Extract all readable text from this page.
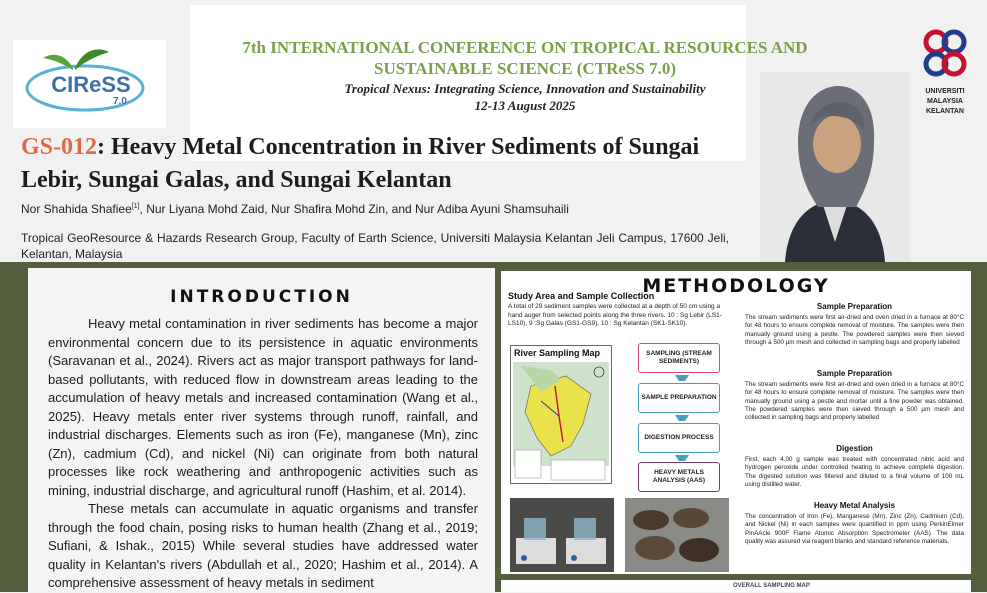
CIReSS
7.0
7th INTERNATIONAL CONFERENCE ON TROPICAL RESOURCES AND
SUSTAINABLE SCIENCE (CTReSS 7.0)
Tropical Nexus: Integrating Science, Innovation and Sustainability
12-13 August 2025
UNIVERSITI
MALAYSIA
KELANTAN
GS-012: Heavy Metal Concentration in River Sediments of Sungai Lebir, Sungai Galas, and Sungai Kelantan
Nor Shahida Shafiee[1], Nur Liyana Mohd Zaid, Nur Shafira Mohd Zin, and Nur Adiba Ayuni Shamsuhaili
Tropical GeoResource & Hazards Research Group, Faculty of Earth Science, Universiti Malaysia Kelantan Jeli Campus, 17600 Jeli, Kelantan, Malaysia
INTRODUCTION

Heavy metal contamination in river sediments has become a major environmental concern due to its persistence in aquatic environments (Saravanan et al., 2024). Rivers act as major transport pathways for land-based pollutants, with reduced flow in downstream areas leading to the accumulation of heavy metals and increased contamination (Wang et al., 2025). Heavy metals enter river systems through runoff, rainfall, and industrial discharges. Elements such as iron (Fe), manganese (Mn), zinc (Zn), cadmium (Cd), and nickel (Ni) can originate from both natural processes like rock weathering and anthropogenic activities such as mining, industrial discharge, and agricultural runoff (Hashim, et al. 2014).

These metals can accumulate in aquatic organisms and transfer through the food chain, posing risks to human health (Zhang et al., 2019; Sufiani, & Ishak., 2015) While several studies have addressed water quality in Kelantan's rivers (Abdullah et al., 2020; Hashim et al., 2014). A comprehensive assessment of heavy metals in sediment

METHODOLOGY
Study Area and Sample Collection
A total of 29 sediment samples were collected at a depth of 50 cm using a hand auger from selected points along the three rivers. 10 : Sg Lebir (LS1-LS10), 9 :Sg Galas (GS1-GS9), 10 : Sg Kelantan (SK1-SK10).
River Sampling Map	SAMPLING (STREAM SEDIMENTS)
SAMPLE PREPARATION
DIGESTION PROCESS
HEAVY METALS ANALYSIS (AAS)
Sample Preparation
The stream sediments were first air-dried and oven dried in a furnace at 80°C for 48 hours to ensure complete removal of moisture. The samples were then manually ground using a pestle. The powdered samples were then sieved through a 500 µm mesh and collected in sampling bags and properly labelled
Sample Preparation
The stream sediments were first air-dried and oven dried in a furnace at 80°C for 48 hours to ensure complete removal of moisture. The samples were then manually ground using a pestle and mortar until a fine powder was obtained. The powdered samples were then sieved through a 500 µm mesh and collected in sampling bags and properly labelled
Digestion
First, each 4.00 g sample was treated with concentrated nitric acid and hydrogen peroxide under controlled heating to achieve complete digestion. The digested solution was filtered and diluted to a final volume of 100 mL using distilled water.
Heavy Metal Analysis
The concentration of Iron (Fe), Manganese (Mn), Zinc (Zn), Cadmium (Cd), and Nickel (Ni) in each samples were quantified in ppm using PerkinElmer PinAAcle 900F Flame Atomic Absorption Spectrometer (AAS). The data quality was assured via reagent blanks and standard reference materials.
OVERALL SAMPLING MAP
